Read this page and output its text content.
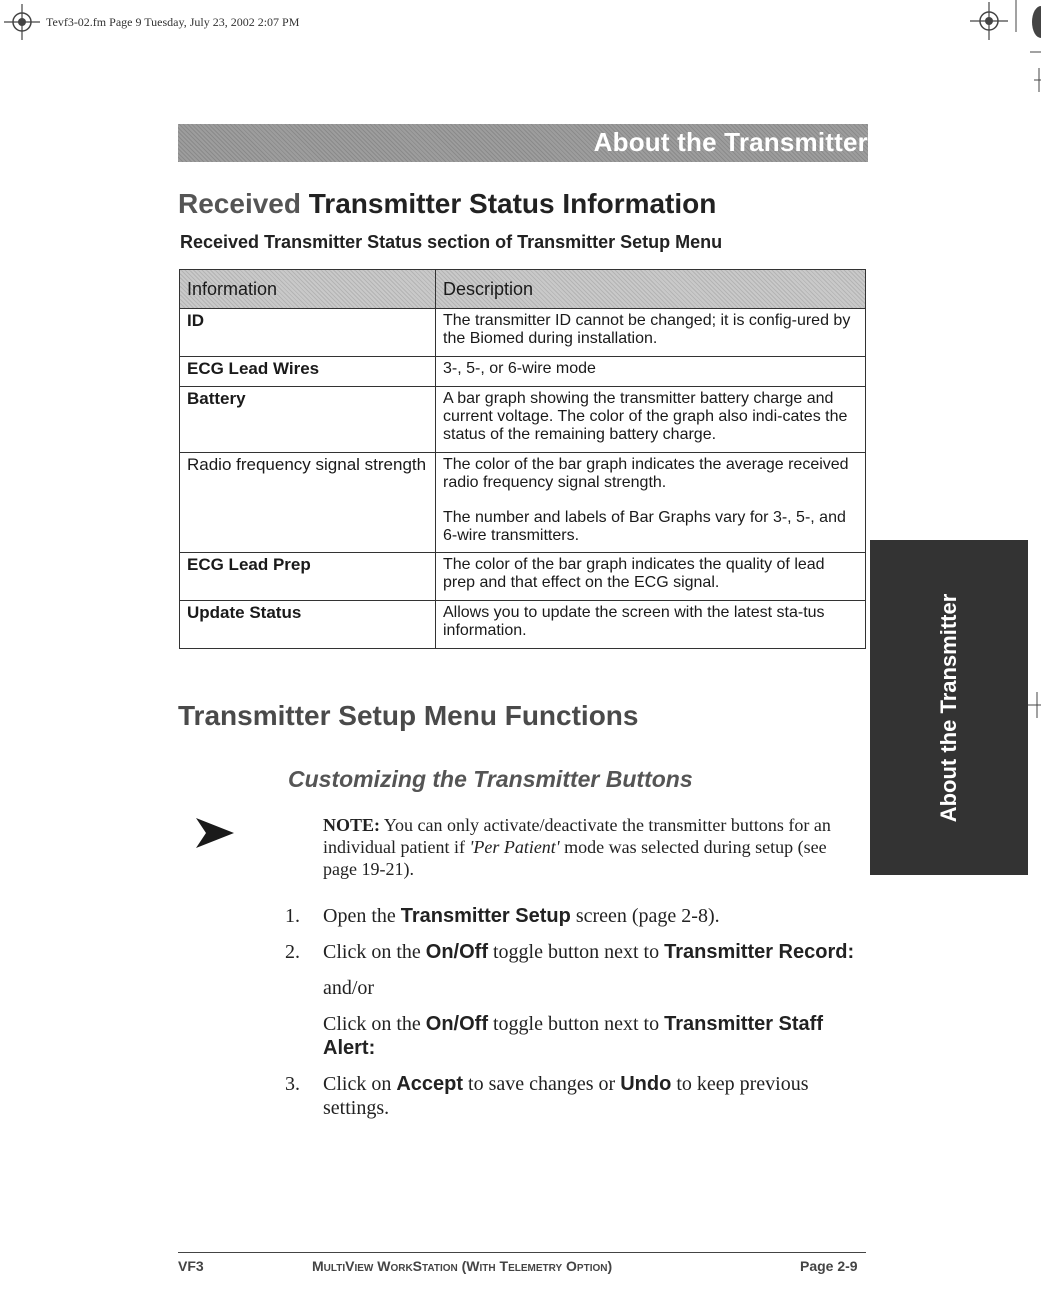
Tevf3-02.fm Page 9 Tuesday, July 23, 2002 2:07 PM
About the Transmitter
Received Transmitter Status Information
Received Transmitter Status section of Transmitter Setup Menu
Information	Description
ID	The transmitter ID cannot be changed; it is config-ured by the Biomed during installation.

ECG Lead Wires	3-, 5-, or 6-wire mode

Battery	A bar graph showing the transmitter battery charge and current voltage. The color of the graph also indi-cates the status of the remaining battery charge.

Radio frequency signal strength	The color of the bar graph indicates the average received radio frequency signal strength.

The number and labels of Bar Graphs vary for 3-, 5-, and 6-wire transmitters.

ECG Lead Prep	The color of the bar graph indicates the quality of lead prep and that effect on the ECG signal.

Update Status	Allows you to update the screen with the latest sta-tus information.

Transmitter Setup Menu Functions
Customizing the Transmitter Buttons
NOTE: You can only activate/deactivate the transmitter buttons for an individual patient if 'Per Patient' mode was selected during setup (see page 19-21).
1. Open the Transmitter Setup screen (page 2-8).
2. Click on the On/Off toggle button next to Transmitter Record:
and/or
Click on the On/Off toggle button next to Transmitter Staff Alert:
3. Click on Accept to save changes or Undo to keep previous settings.
About the Transmitter
VF3	MultiView WorkStation (With Telemetry Option)	Page 2-9
